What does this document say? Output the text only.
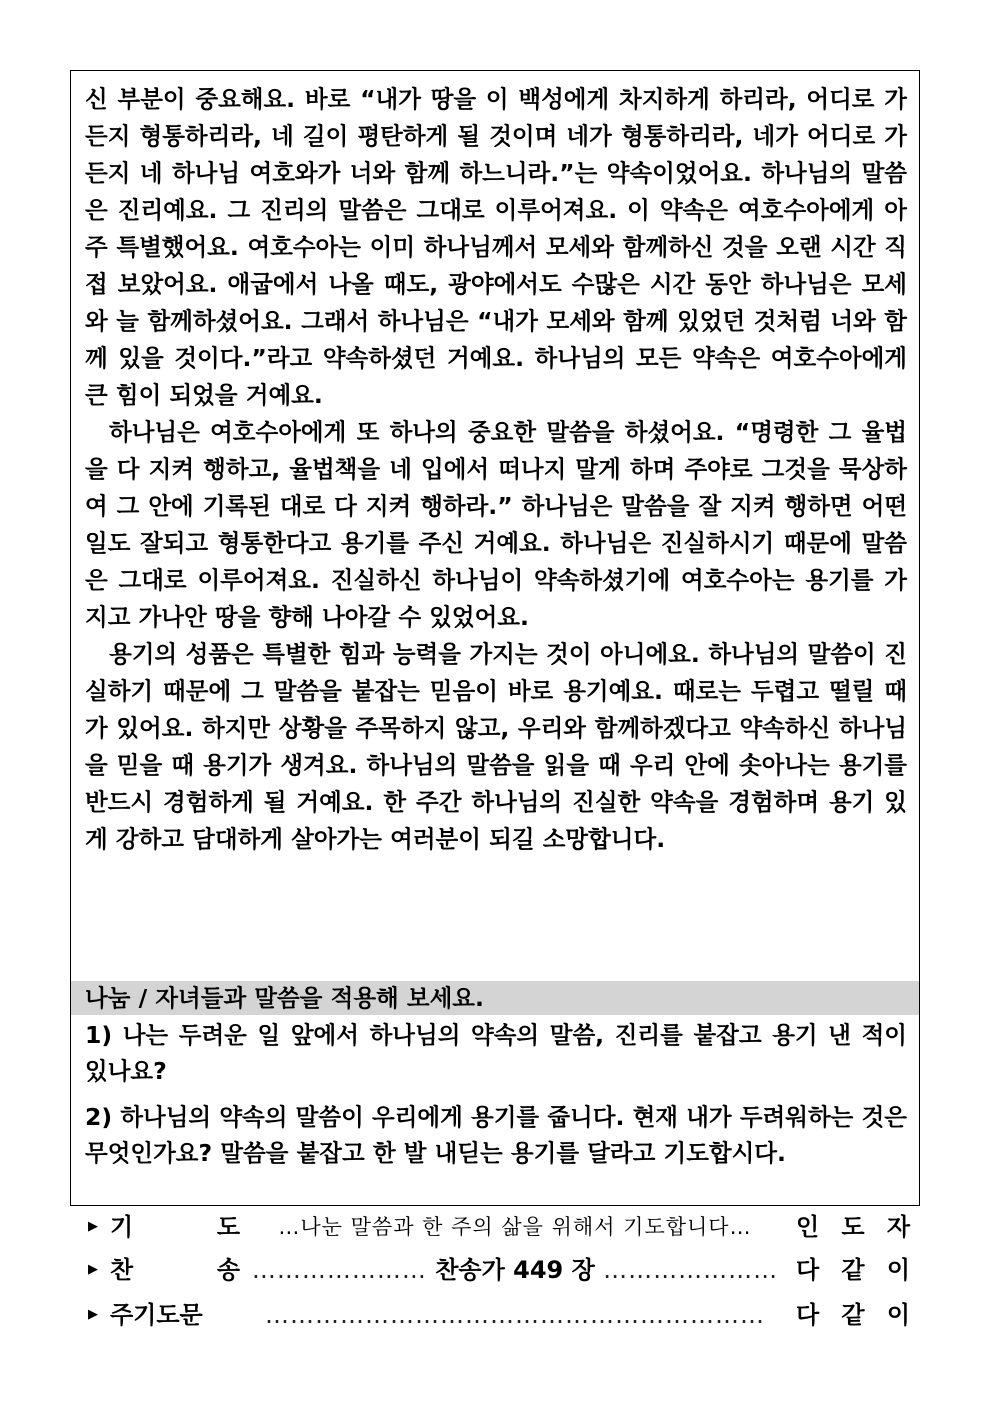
신 부분이 중요해요. 바로 “내가 땅을 이 백성에게 차지하게 하리라, 어디로 가든지 형통하리라, 네 길이 평탄하게 될 것이며 네가 형통하리라, 네가 어디로 가든지 네 하나님 여호와가 너와 함께 하느니라.”는 약속이었어요. 하나님의 말씀은 진리예요. 그 진리의 말씀은 그대로 이루어져요. 이 약속은 여호수아에게 아주 특별했어요. 여호수아는 이미 하나님께서 모세와 함께하신 것을 오랜 시간 직접 보았어요. 애굽에서 나올 때도, 광야에서도 수많은 시간 동안 하나님은 모세와 늘 함께하셨어요. 그래서 하나님은 “내가 모세와 함께 있었던 것처럼 너와 함께 있을 것이다.”라고 약속하셨던 거예요. 하나님의 모든 약속은 여호수아에게 큰 힘이 되었을 거예요.

하나님은 여호수아에게 또 하나의 중요한 말씀을 하셨어요. “명령한 그 율법을 다 지켜 행하고, 율법책을 네 입에서 떠나지 말게 하며 주야로 그것을 묵상하여 그 안에 기록된 대로 다 지켜 행하라.” 하나님은 말씀을 잘 지켜 행하면 어떤 일도 잘되고 형통한다고 용기를 주신 거예요. 하나님은 진실하시기 때문에 말씀은 그대로 이루어져요. 진실하신 하나님이 약속하셨기에 여호수아는 용기를 가지고 가나안 땅을 향해 나아갈 수 있었어요.

용기의 성품은 특별한 힘과 능력을 가지는 것이 아니에요. 하나님의 말씀이 진실하기 때문에 그 말씀을 붙잡는 믿음이 바로 용기예요. 때로는 두렵고 떨릴 때가 있어요. 하지만 상황을 주목하지 않고, 우리와 함께하겠다고 약속하신 하나님을 믿을 때 용기가 생겨요. 하나님의 말씀을 읽을 때 우리 안에 솟아나는 용기를 반드시 경험하게 될 거예요. 한 주간 하나님의 진실한 약속을 경험하며 용기 있게 강하고 담대하게 살아가는 여러분이 되길 소망합니다.

나눔 / 자녀들과 말씀을 적용해 보세요.

1) 나는 두려운 일 앞에서 하나님의 약속의 말씀, 진리를 붙잡고 용기 낸 적이 있나요?

2) 하나님의 약속의 말씀이 우리에게 용기를 줍니다. 현재 내가 두려워하는 것은 무엇인가요? 말씀을 붙잡고 한 발 내딛는 용기를 달라고 기도합시다.

▶ 기	도	…나눈 말씀과 한 주의 삶을 위해서 기도합니다…	인 도 자
▶ 찬	송 ………………… 찬송가 449 장 ………………… 다 같 이
▶ 주기도문	……………………………………………………	다 같 이
